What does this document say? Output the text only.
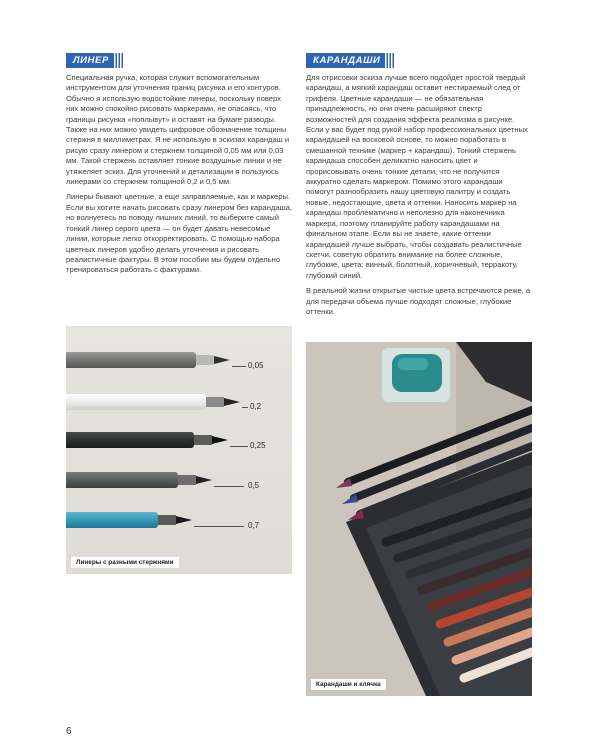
ЛИНЕР

Специальная ручка, которая служит вспомогательным инструментом для уточнения границ рисунка и его контуров. Обычно я использую водостойкие линеры, поскольку поверх них можно спокойно рисовать маркерами, не опасаясь, что границы рисунка «поплывут» и оставят на бумаге разводы. Также на них можно увидеть цифровое обозначение толщины стержня в миллиметрах. Я не использую в эскизах карандаш и рисую сразу линером и стержнем толщиной 0,05 мм или 0,03 мм. Такой стержень оставляет тонкие воздушные линии и не утяжеляет эскиз. Для уточнений и детализации я пользуюсь линерами со стержнем толщиной 0,2 и 0,5 мм.

Линеры бывают цветные, а еще заправляемые, как и маркеры. Если вы хотите начать рисовать сразу линером без карандаша, но волнуетесь по поводу лишних линий, то выберите самый тонкий линер серого цвета — он будет давать невесомые линии, которые легко откорректировать. С помощью набора цветных линеров удобно делать уточнения и рисовать реалистичные фактуры. В этом пособии мы будем отдельно тренироваться работать с фактурами.

КАРАНДАШИ

Для отрисовки эскиза лучше всего подойдет простой твердый карандаш, а мягкий карандаш оставит нестираемый след от грифеля. Цветные карандаши — не обязательная принадлежность, но они очень расширяют спектр возможностей для создания эффекта реализма в рисунке. Если у вас будет под рукой набор профессиональных цветных карандашей на восковой основе, то можно поработать в смешанной технике (маркер + карандаш). Тонкий стержень карандаша способен деликатно наносить цвет и прорисовывать очень тонкие детали, что не получится аккуратно сделать маркером. Помимо этого карандаши помогут разнообразить нашу цветовую палитру и создать новые, недостающие, цвета и оттенки. Наносить маркер на карандаш проблематично и неполезно для наконечника маркера, поэтому планируйте работу карандашами на финальном этапе. Если вы не знаете, какие оттенки карандашей лучше выбрать, чтобы создавать реалистичные скетчи, советую обратить внимание на более сложные, глубокие, цвета: винный, болотный, коричневый, терракоту, глубокий синий.

В реальной жизни открытые чистые цвета встречаются реже, а для передачи объема лучше подходят сложные, глубокие оттенки.

0,05
0,2
0,25
0,5
0,7
Линеры с разными стержнями
Карандаши и клячка
6
